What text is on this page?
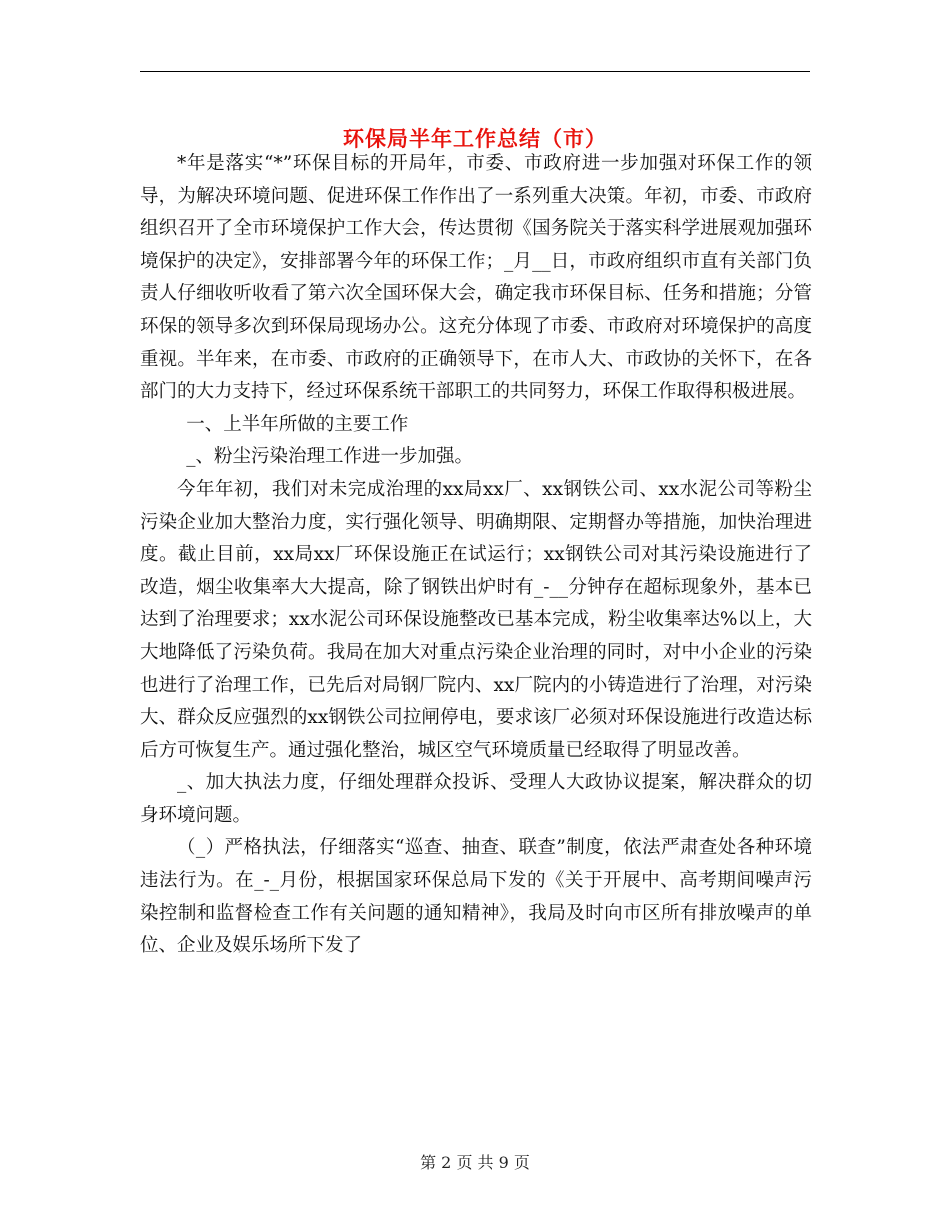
环保局半年工作总结（市）

*年是落实“*”环保目标的开局年，市委、市政府进一步加强对环保工作的领导，为解决环境问题、促进环保工作作出了一系列重大决策。年初，市委、市政府组织召开了全市环境保护工作大会，传达贯彻《国务院关于落实科学进展观加强环境保护的决定》，安排部署今年的环保工作；_月__日，市政府组织市直有关部门负责人仔细收听收看了第六次全国环保大会，确定我市环保目标、任务和措施；分管环保的领导多次到环保局现场办公。这充分体现了市委、市政府对环境保护的高度重视。半年来，在市委、市政府的正确领导下，在市人大、市政协的关怀下，在各部门的大力支持下，经过环保系统干部职工的共同努力，环保工作取得积极进展。

一、上半年所做的主要工作

_、粉尘污染治理工作进一步加强。

今年年初，我们对未完成治理的xx局xx厂、xx钢铁公司、xx水泥公司等粉尘污染企业加大整治力度，实行强化领导、明确期限、定期督办等措施，加快治理进度。截止目前，xx局xx厂环保设施正在试运行；xx钢铁公司对其污染设施进行了改造，烟尘收集率大大提高，除了钢铁出炉时有_-__分钟存在超标现象外，基本已达到了治理要求；xx水泥公司环保设施整改已基本完成，粉尘收集率达%以上，大大地降低了污染负荷。我局在加大对重点污染企业治理的同时，对中小企业的污染也进行了治理工作，已先后对局钢厂院内、xx厂院内的小铸造进行了治理，对污染大、群众反应强烈的xx钢铁公司拉闸停电，要求该厂必须对环保设施进行改造达标后方可恢复生产。通过强化整治，城区空气环境质量已经取得了明显改善。

_、加大执法力度，仔细处理群众投诉、受理人大政协议提案，解决群众的切身环境问题。

（_）严格执法，仔细落实“巡查、抽查、联查”制度，依法严肃查处各种环境违法行为。在_-_月份，根据国家环保总局下发的《关于开展中、高考期间噪声污染控制和监督检查工作有关问题的通知精神》，我局及时向市区所有排放噪声的单位、企业及娱乐场所下发了

第 2 页 共 9 页
